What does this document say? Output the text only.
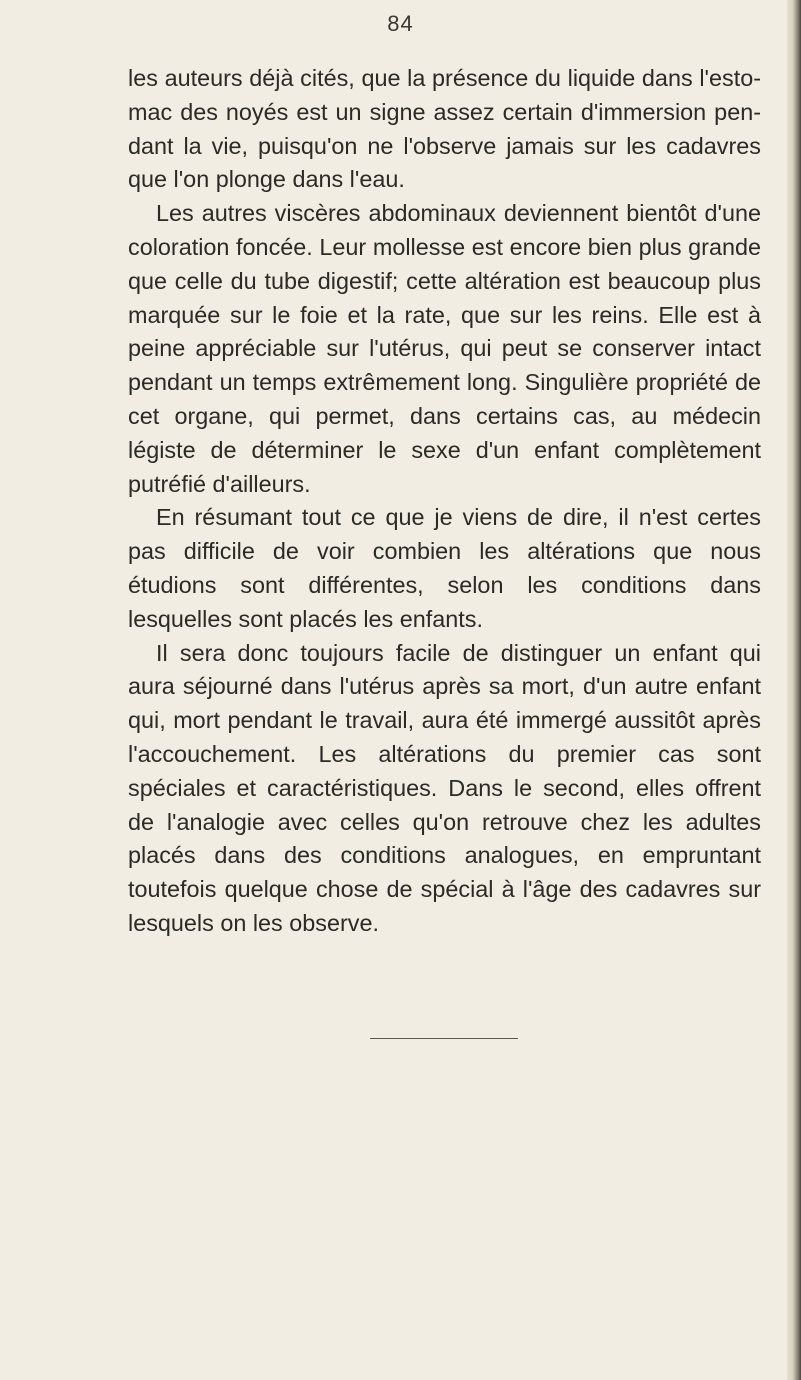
84

les auteurs déjà cités, que la présence du liquide dans l'esto-mac des noyés est un signe assez certain d'immersion pen-dant la vie, puisqu'on ne l'observe jamais sur les cadavres que l'on plonge dans l'eau.

Les autres viscères abdominaux deviennent bientôt d'une coloration foncée. Leur mollesse est encore bien plus grande que celle du tube digestif; cette altération est beaucoup plus marquée sur le foie et la rate, que sur les reins. Elle est à peine appréciable sur l'utérus, qui peut se conserver intact pendant un temps extrêmement long. Singulière propriété de cet organe, qui permet, dans certains cas, au médecin légiste de déterminer le sexe d'un enfant complètement putréfié d'ailleurs.

En résumant tout ce que je viens de dire, il n'est certes pas difficile de voir combien les altérations que nous étudions sont différentes, selon les conditions dans lesquelles sont placés les enfants.

Il sera donc toujours facile de distinguer un enfant qui aura séjourné dans l'utérus après sa mort, d'un autre enfant qui, mort pendant le travail, aura été immergé aussitôt après l'accouchement. Les altérations du premier cas sont spéciales et caractéristiques. Dans le second, elles offrent de l'analogie avec celles qu'on retrouve chez les adultes placés dans des conditions analogues, en empruntant toutefois quelque chose de spécial à l'âge des cadavres sur lesquels on les observe.
